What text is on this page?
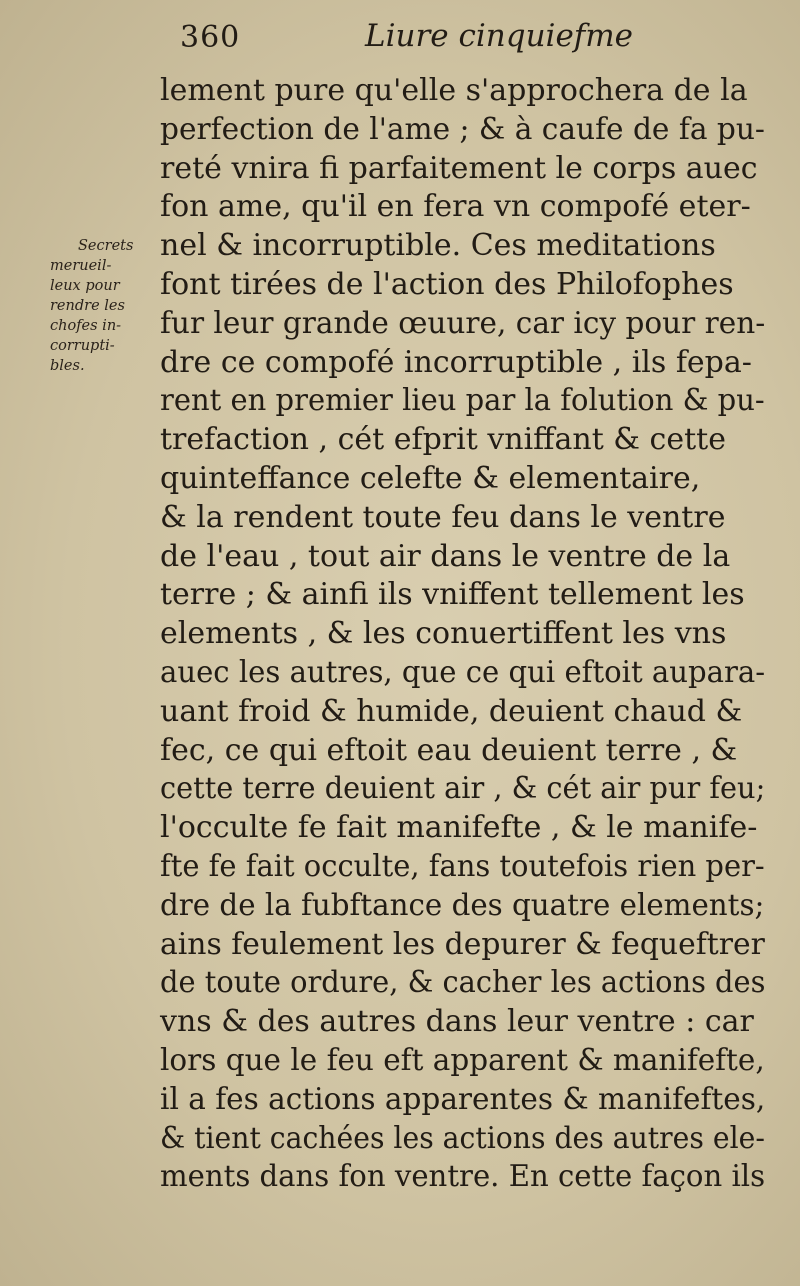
360	Liure cinquiefme
Secrets
merueil-
leux pour
rendre les
chofes in-
corrupti-
bles.
lement pure qu'elle s'approchera de la
perfection de l'ame ; & à caufe de fa pu-
reté vnira fi parfaitement le corps auec
fon ame, qu'il en fera vn compofé eter-
nel & incorruptible. Ces meditations
font tirées de l'action des Philofophes
fur leur grande œuure, car icy pour ren-
dre ce compofé incorruptible , ils fepa-
rent en premier lieu par la folution & pu-
trefaction , cét efprit vniffant & cette
quinteffance celefte & elementaire,
& la rendent toute feu dans le ventre
de l'eau , tout air dans le ventre de la
terre ; & ainfi ils vniffent tellement les
elements , & les conuertiffent les vns
auec les autres, que ce qui eftoit aupara-
uant froid & humide, deuient chaud &
fec, ce qui eftoit eau deuient terre , &
cette terre deuient air , & cét air pur feu;
l'occulte fe fait manifefte , & le manife-
fte fe fait occulte, fans toutefois rien per-
dre de la fubftance des quatre elements;
ains feulement les depurer & fequeftrer
de toute ordure, & cacher les actions des
vns & des autres dans leur ventre : car
lors que le feu eft apparent & manifefte,
il a fes actions apparentes & manifeftes,
& tient cachées les actions des autres ele-
ments dans fon ventre. En cette façon ils
